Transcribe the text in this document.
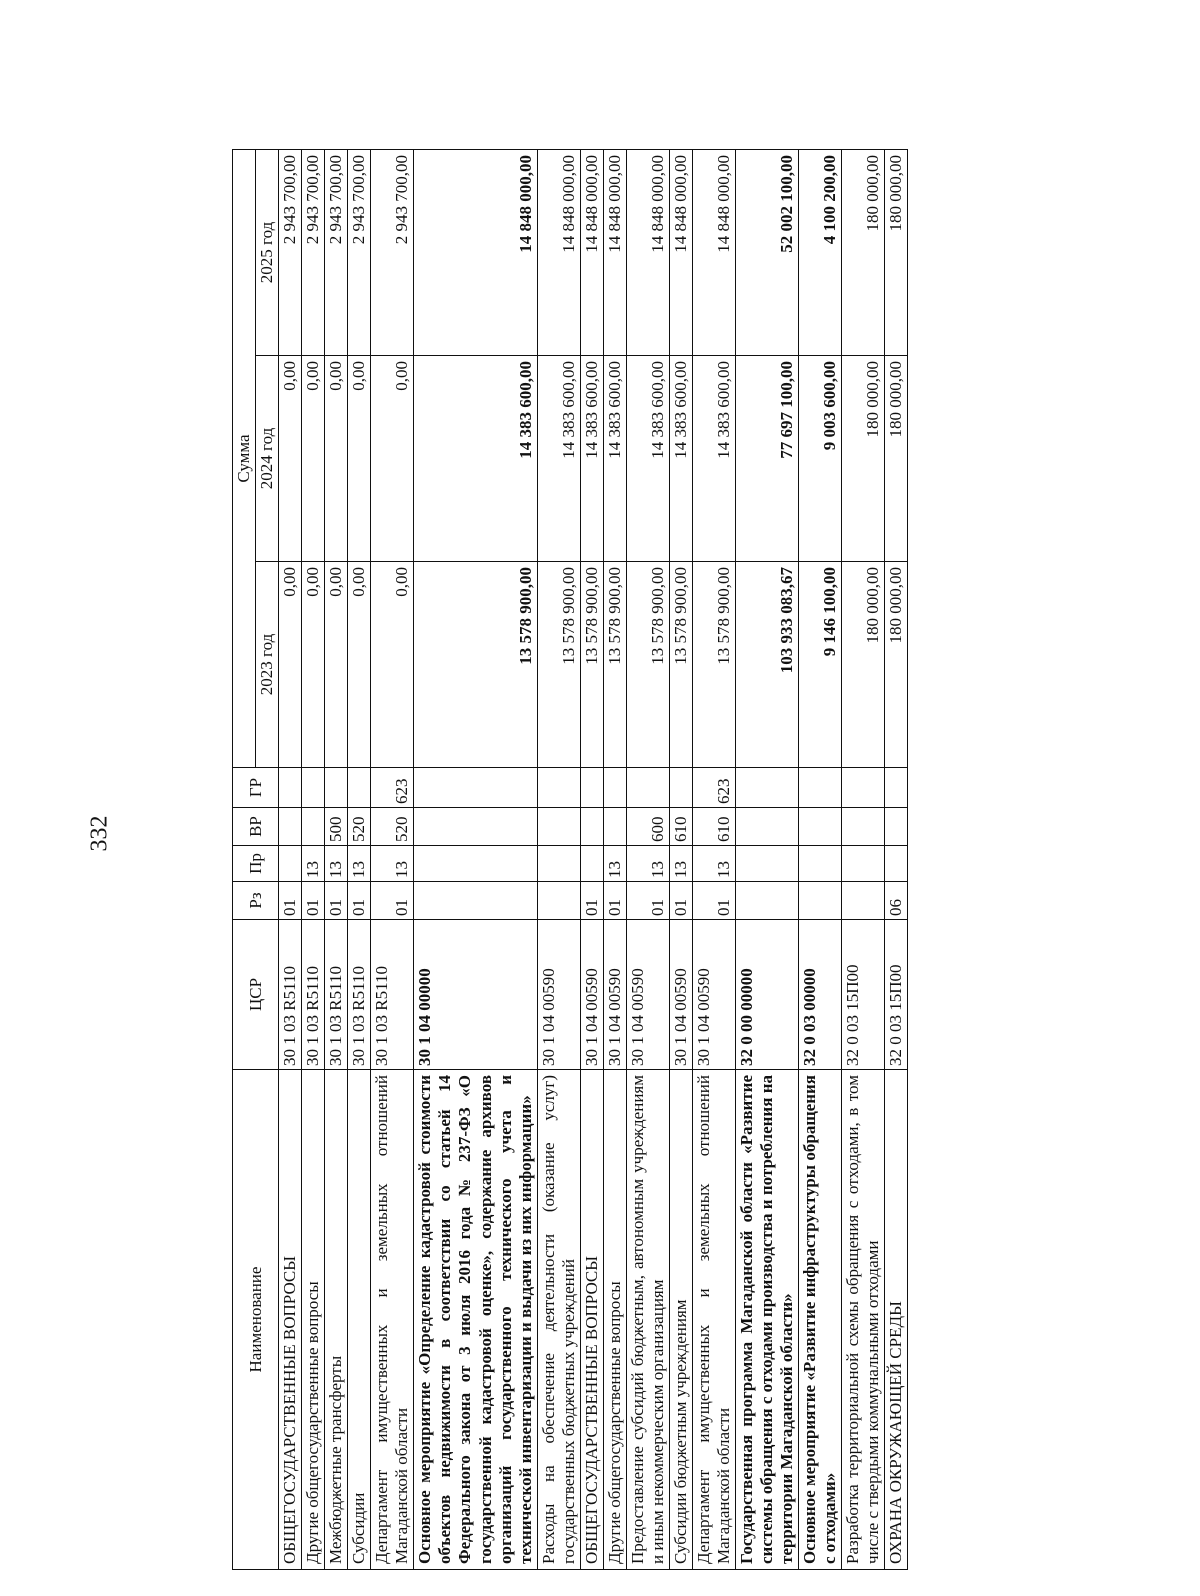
332
Наименование	ЦСР	Рз	Пр	ВР	ГР	Сумма		
						2023 год	2024 год	2025 год
ОБЩЕГОСУДАРСТВЕННЫЕ ВОПРОСЫ	30 1 03 R5110	01				0,00	0,00	2 943 700,00
Другие общегосударственные вопросы	30 1 03 R5110	01	13			0,00	0,00	2 943 700,00
Межбюджетные трансферты	30 1 03 R5110	01	13	500		0,00	0,00	2 943 700,00
Субсидии	30 1 03 R5110	01	13	520		0,00	0,00	2 943 700,00
Департамент имущественных и земельных отношений Магаданской области	30 1 03 R5110	01	13	520	623	0,00	0,00	2 943 700,00
Основное мероприятие «Определение кадастровой стоимости объектов недвижимости в соответствии со статьей 14 Федерального закона от 3 июля 2016 года № 237-ФЗ «О государственной кадастровой оценке», содержание архивов организаций государственного технического учета и технической инвентаризации и выдачи из них информации»	30 1 04 00000					13 578 900,00	14 383 600,00	14 848 000,00
Расходы на обеспечение деятельности (оказание услуг) государственных бюджетных учреждений	30 1 04 00590					13 578 900,00	14 383 600,00	14 848 000,00
ОБЩЕГОСУДАРСТВЕННЫЕ ВОПРОСЫ	30 1 04 00590	01				13 578 900,00	14 383 600,00	14 848 000,00
Другие общегосударственные вопросы	30 1 04 00590	01	13			13 578 900,00	14 383 600,00	14 848 000,00
Предоставление субсидий бюджетным, автономным учреждениям и иным некоммерческим организациям	30 1 04 00590	01	13	600		13 578 900,00	14 383 600,00	14 848 000,00
Субсидии бюджетным учреждениям	30 1 04 00590	01	13	610		13 578 900,00	14 383 600,00	14 848 000,00
Департамент имущественных и земельных отношений Магаданской области	30 1 04 00590	01	13	610	623	13 578 900,00	14 383 600,00	14 848 000,00
Государственная программа Магаданской области «Развитие системы обращения с отходами производства и потребления на территории Магаданской области»	32 0 00 00000					103 933 083,67	77 697 100,00	52 002 100,00
Основное мероприятие «Развитие инфраструктуры обращения с отходами»	32 0 03 00000					9 146 100,00	9 003 600,00	4 100 200,00
Разработка территориальной схемы обращения с отходами, в том числе с твердыми коммунальными отходами	32 0 03 15П00					180 000,00	180 000,00	180 000,00
ОХРАНА ОКРУЖАЮЩЕЙ СРЕДЫ	32 0 03 15П00	06				180 000,00	180 000,00	180 000,00
